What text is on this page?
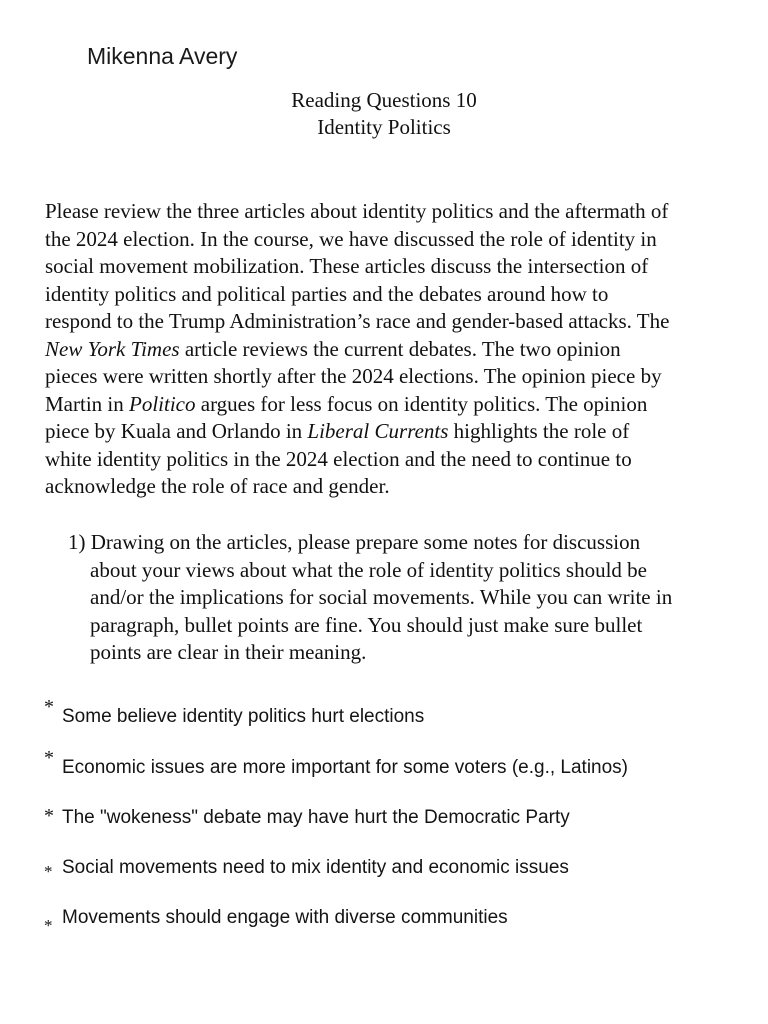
Mikenna Avery
Reading Questions 10
Identity Politics
Please review the three articles about identity politics and the aftermath of
the 2024 election. In the course, we have discussed the role of identity in
social movement mobilization. These articles discuss the intersection of
identity politics and political parties and the debates around how to
respond to the Trump Administration’s race and gender-based attacks. The
New York Times article reviews the current debates. The two opinion
pieces were written shortly after the 2024 elections. The opinion piece by
Martin in Politico argues for less focus on identity politics. The opinion
piece by Kuala and Orlando in Liberal Currents highlights the role of
white identity politics in the 2024 election and the need to continue to
acknowledge the role of race and gender.
1) Drawing on the articles, please prepare some notes for discussion
about your views about what the role of identity politics should be
and/or the implications for social movements. While you can write in
paragraph, bullet points are fine. You should just make sure bullet
points are clear in their meaning.
* Some believe identity politics hurt elections
* Economic issues are more important for some voters (e.g., Latinos)
* The "wokeness" debate may have hurt the Democratic Party
* Social movements need to mix identity and economic issues
* Movements should engage with diverse communities
